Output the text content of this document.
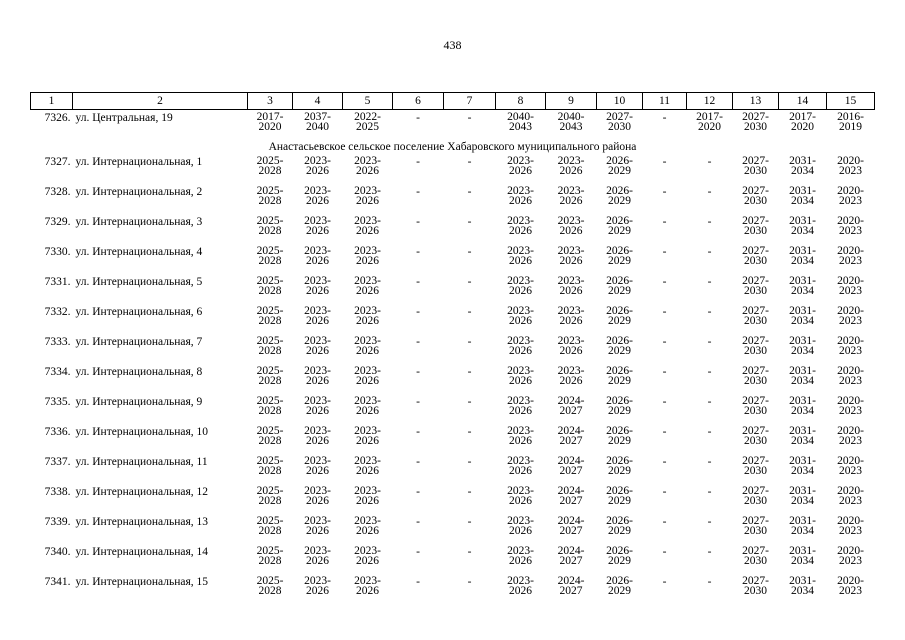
438
1	2	3	4	5	6	7	8	9	10	11	12	13	14	15
7326.	ул. Центральная, 19	2017-
2020	2037-
2040	2022-
2025	-	-	2040-
2043	2040-
2043	2027-
2030	-	2017-
2020	2027-
2030	2017-
2020	2016-
2019

Анастасьевское сельское поселение Хабаровского муниципального района														
7327.	ул. Интернациональная, 1	2025-
2028	2023-
2026	2023-
2026	-	-	2023-
2026	2023-
2026	2026-
2029	-	-	2027-
2030	2031-
2034	2020-
2023

7328.	ул. Интернациональная, 2	2025-
2028	2023-
2026	2023-
2026	-	-	2023-
2026	2023-
2026	2026-
2029	-	-	2027-
2030	2031-
2034	2020-
2023

7329.	ул. Интернациональная, 3	2025-
2028	2023-
2026	2023-
2026	-	-	2023-
2026	2023-
2026	2026-
2029	-	-	2027-
2030	2031-
2034	2020-
2023

7330.	ул. Интернациональная, 4	2025-
2028	2023-
2026	2023-
2026	-	-	2023-
2026	2023-
2026	2026-
2029	-	-	2027-
2030	2031-
2034	2020-
2023

7331.	ул. Интернациональная, 5	2025-
2028	2023-
2026	2023-
2026	-	-	2023-
2026	2023-
2026	2026-
2029	-	-	2027-
2030	2031-
2034	2020-
2023

7332.	ул. Интернациональная, 6	2025-
2028	2023-
2026	2023-
2026	-	-	2023-
2026	2023-
2026	2026-
2029	-	-	2027-
2030	2031-
2034	2020-
2023

7333.	ул. Интернациональная, 7	2025-
2028	2023-
2026	2023-
2026	-	-	2023-
2026	2023-
2026	2026-
2029	-	-	2027-
2030	2031-
2034	2020-
2023

7334.	ул. Интернациональная, 8	2025-
2028	2023-
2026	2023-
2026	-	-	2023-
2026	2023-
2026	2026-
2029	-	-	2027-
2030	2031-
2034	2020-
2023

7335.	ул. Интернациональная, 9	2025-
2028	2023-
2026	2023-
2026	-	-	2023-
2026	2024-
2027	2026-
2029	-	-	2027-
2030	2031-
2034	2020-
2023

7336.	ул. Интернациональная, 10	2025-
2028	2023-
2026	2023-
2026	-	-	2023-
2026	2024-
2027	2026-
2029	-	-	2027-
2030	2031-
2034	2020-
2023

7337.	ул. Интернациональная, 11	2025-
2028	2023-
2026	2023-
2026	-	-	2023-
2026	2024-
2027	2026-
2029	-	-	2027-
2030	2031-
2034	2020-
2023

7338.	ул. Интернациональная, 12	2025-
2028	2023-
2026	2023-
2026	-	-	2023-
2026	2024-
2027	2026-
2029	-	-	2027-
2030	2031-
2034	2020-
2023

7339.	ул. Интернациональная, 13	2025-
2028	2023-
2026	2023-
2026	-	-	2023-
2026	2024-
2027	2026-
2029	-	-	2027-
2030	2031-
2034	2020-
2023

7340.	ул. Интернациональная, 14	2025-
2028	2023-
2026	2023-
2026	-	-	2023-
2026	2024-
2027	2026-
2029	-	-	2027-
2030	2031-
2034	2020-
2023

7341.	ул. Интернациональная, 15	2025-
2028	2023-
2026	2023-
2026	-	-	2023-
2026	2024-
2027	2026-
2029	-	-	2027-
2030	2031-
2034	2020-
2023
